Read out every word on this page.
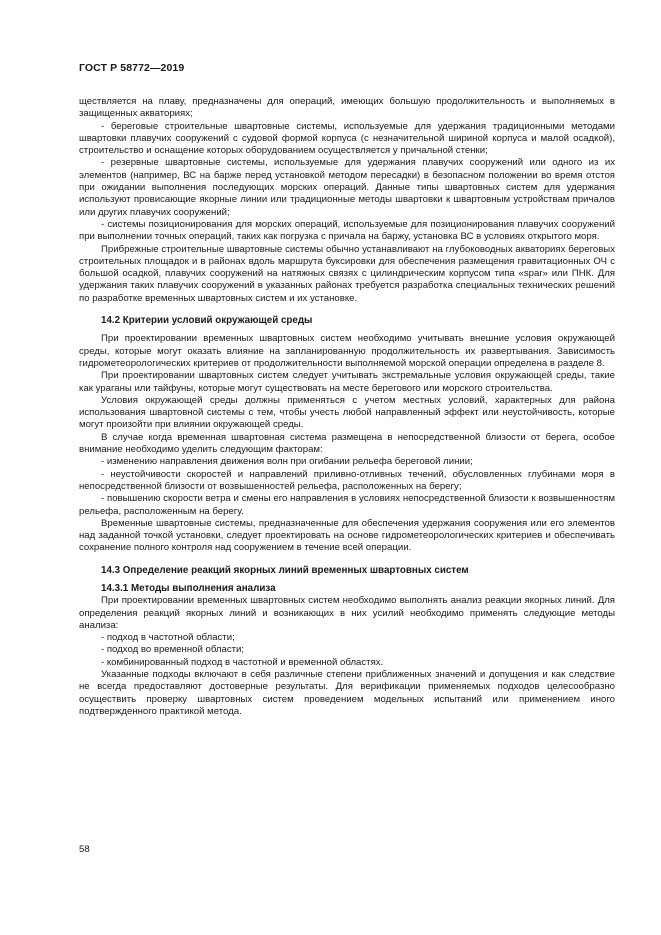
ГОСТ Р 58772—2019

ществляется на плаву, предназначены для операций, имеющих большую продолжительность и выполняемых в защищенных акваториях;

- береговые строительные швартовные системы, используемые для удержания традиционными методами швартовки плавучих сооружений с судовой формой корпуса (с незначительной шириной корпуса и малой осадкой), строительство и оснащение которых оборудованием осуществляется у причальной стенки;

- резервные швартовные системы, используемые для удержания плавучих сооружений или одного из их элементов (например, ВС на барже перед установкой методом пересадки) в безопасном положении во время отстоя при ожидании выполнения последующих морских операций. Данные типы швартовных систем для удержания используют провисающие якорные линии или традиционные методы швартовки к швартовным устройствам причалов или других плавучих сооружений;

- системы позиционирования для морских операций, используемые для позиционирования плавучих сооружений при выполнении точных операций, таких как погрузка с причала на баржу, установка ВС в условиях открытого моря.

Прибрежные строительные швартовные системы обычно устанавливают на глубоководных акваториях береговых строительных площадок и в районах вдоль маршрута буксировки для обеспечения размещения гравитационных ОЧ с большой осадкой, плавучих сооружений на натяжных связях с цилиндрическим корпусом типа «spar» или ПНК. Для удержания таких плавучих сооружений в указанных районах требуется разработка специальных технических решений по разработке временных швартовных систем и их установке.

14.2 Критерии условий окружающей среды

При проектировании временных швартовных систем необходимо учитывать внешние условия окружающей среды, которые могут оказать влияние на запланированную продолжительность их развертывания. Зависимость гидрометеорологических критериев от продолжительности выполняемой морской операции определена в разделе 8.

При проектировании швартовных систем следует учитывать экстремальные условия окружающей среды, такие как ураганы или тайфуны, которые могут существовать на месте берегового или морского строительства.

Условия окружающей среды должны применяться с учетом местных условий, характерных для района использования швартовной системы с тем, чтобы учесть любой направленный эффект или неустойчивость, которые могут произойти при влиянии окружающей среды.

В случае когда временная швартовная система размещена в непосредственной близости от берега, особое внимание необходимо уделить следующим факторам:

- изменению направления движения волн при огибании рельефа береговой линии;

- неустойчивости скоростей и направлений приливно-отливных течений, обусловленных глубинами моря в непосредственной близости от возвышенностей рельефа, расположенных на берегу;

- повышению скорости ветра и смены его направления в условиях непосредственной близости к возвышенностям рельефа, расположенным на берегу.

Временные швартовные системы, предназначенные для обеспечения удержания сооружения или его элементов над заданной точкой установки, следует проектировать на основе гидрометеорологических критериев и обеспечивать сохранение полного контроля над сооружением в течение всей операции.

14.3 Определение реакций якорных линий временных швартовных систем

14.3.1 Методы выполнения анализа

При проектировании временных швартовных систем необходимо выполнять анализ реакции якорных линий. Для определения реакций якорных линий и возникающих в них усилий необходимо применять следующие методы анализа:

- подход в частотной области;

- подход во временной области;

- комбинированный подход в частотной и временной областях.

Указанные подходы включают в себя различные степени приближенных значений и допущения и как следствие не всегда предоставляют достоверные результаты. Для верификации применяемых подходов целесообразно осуществить проверку швартовных систем проведением модельных испытаний или применением иного подтвержденного практикой метода.

58
